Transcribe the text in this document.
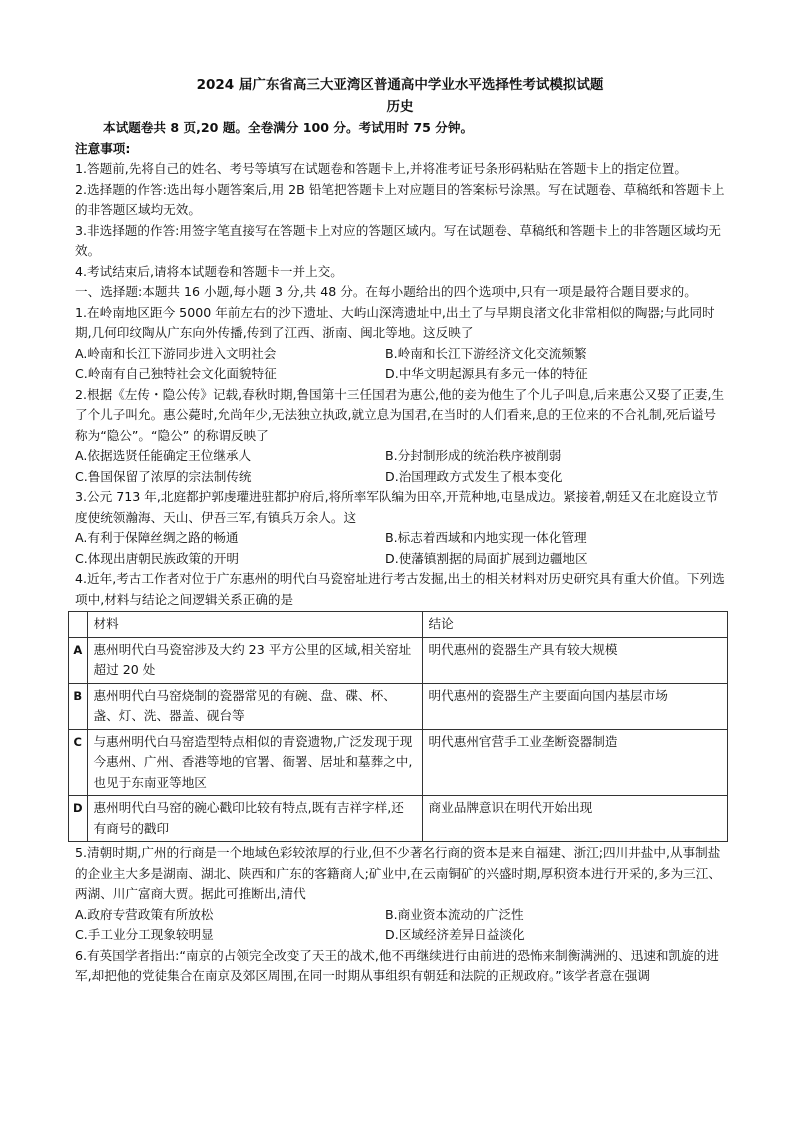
2024 届广东省高三大亚湾区普通高中学业水平选择性考试模拟试题

历史

本试题卷共 8 页,20 题。全卷满分 100 分。考试用时 75 分钟。

注意事项:

1.答题前,先将自己的姓名、考号等填写在试题卷和答题卡上,并将准考证号条形码粘贴在答题卡上的指定位置。

2.选择题的作答:选出每小题答案后,用 2B 铅笔把答题卡上对应题目的答案标号涂黑。写在试题卷、草稿纸和答题卡上的非答题区域均无效。

3.非选择题的作答:用签字笔直接写在答题卡上对应的答题区域内。写在试题卷、草稿纸和答题卡上的非答题区域均无效。

4.考试结束后,请将本试题卷和答题卡一并上交。

一、选择题:本题共 16 小题,每小题 3 分,共 48 分。在每小题给出的四个选项中,只有一项是最符合题目要求的。

1.在岭南地区距今 5000 年前左右的沙下遗址、大屿山深湾遗址中,出土了与早期良渚文化非常相似的陶器;与此同时期,几何印纹陶从广东向外传播,传到了江西、浙南、闽北等地。这反映了

A.岭南和长江下游同步进入文明社会	B.岭南和长江下游经济文化交流频繁
C.岭南有自己独特社会文化面貌特征	D.中华文明起源具有多元一体的特征

2.根据《左传・隐公传》记载,春秋时期,鲁国第十三任国君为惠公,他的妾为他生了个儿子叫息,后来惠公又娶了正妻,生了个儿子叫允。惠公薨时,允尚年少,无法独立执政,就立息为国君,在当时的人们看来,息的王位来的不合礼制,死后谥号称为“隐公”。“隐公” 的称谓反映了

A.依据选贤任能确定王位继承人	B.分封制形成的统治秩序被削弱
C.鲁国保留了浓厚的宗法制传统	D.治国理政方式发生了根本变化

3.公元 713 年,北庭都护郭虔瓘进驻都护府后,将所率军队编为田卒,开荒种地,屯垦成边。紧接着,朝廷又在北庭设立节度使统领瀚海、天山、伊吾三军,有镇兵万余人。这

A.有利于保障丝绸之路的畅通	B.标志着西域和内地实现一体化管理
C.体现出唐朝民族政策的开明	D.使藩镇割据的局面扩展到边疆地区

4.近年,考古工作者对位于广东惠州的明代白马瓷窑址进行考古发掘,出土的相关材料对历史研究具有重大价值。下列选项中,材料与结论之间逻辑关系正确的是

	材料	结论
A	惠州明代白马瓷窑涉及大约 23 平方公里的区域,相关窑址超过 20 处	明代惠州的瓷器生产具有较大规模
B	惠州明代白马窑烧制的瓷器常见的有碗、盘、碟、杯、盏、灯、洗、器盖、砚台等	明代惠州的瓷器生产主要面向国内基层市场
C	与惠州明代白马窑造型特点相似的青瓷遗物,广泛发现于现今惠州、广州、香港等地的官署、衙署、居址和墓葬之中,也见于东南亚等地区	明代惠州官营手工业垄断瓷器制造
D	惠州明代白马窑的碗心戳印比较有特点,既有吉祥字样,还有商号的戳印	商业品牌意识在明代开始出现

5.清朝时期,广州的行商是一个地域色彩较浓厚的行业,但不少著名行商的资本是来自福建、浙江;四川井盐中,从事制盐的企业主大多是湖南、湖北、陕西和广东的客籍商人;矿业中,在云南铜矿的兴盛时期,厚积资本进行开采的,多为三江、两湖、川广富商大贾。据此可推断出,清代

A.政府专营政策有所放松	B.商业资本流动的广泛性
C.手工业分工现象较明显	D.区域经济差异日益淡化

6.有英国学者指出:“南京的占领完全改变了天王的战术,他不再继续进行由前进的恐怖来制衡满洲的、迅速和凯旋的进军,却把他的党徒集合在南京及郊区周围,在同一时期从事组织有朝廷和法院的正规政府。”该学者意在强调
